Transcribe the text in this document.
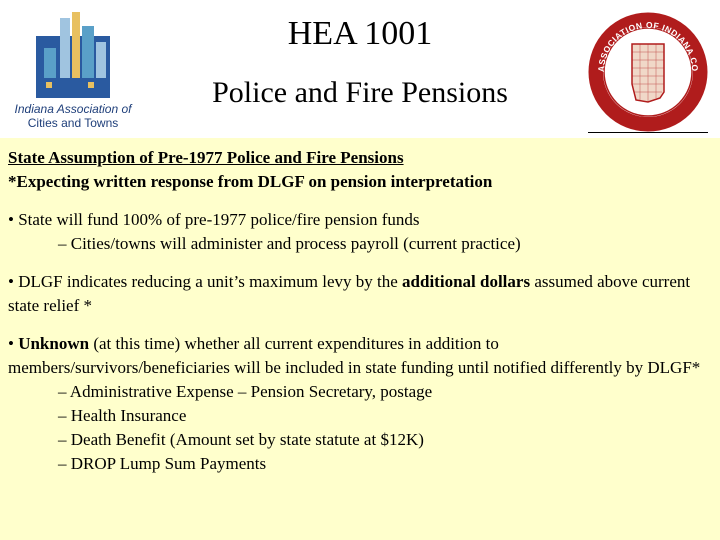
Indiana Association of
Cities and Towns
HEA 1001
Police and Fire Pensions
ASSOCIATION OF INDIANA CO
State Assumption of Pre-1977 Police and Fire Pensions
*Expecting written response from DLGF on pension interpretation
• State will fund 100% of pre-1977 police/fire pension funds
– Cities/towns will administer and process payroll (current practice)
• DLGF indicates reducing a unit’s maximum levy by the additional dollars assumed above current state relief *
• Unknown (at this time) whether all current expenditures in addition to members/survivors/beneficiaries will be included in state funding until notified differently by DLGF*
– Administrative Expense – Pension Secretary, postage
– Health Insurance
– Death Benefit (Amount set by state statute at $12K)
– DROP Lump Sum Payments
